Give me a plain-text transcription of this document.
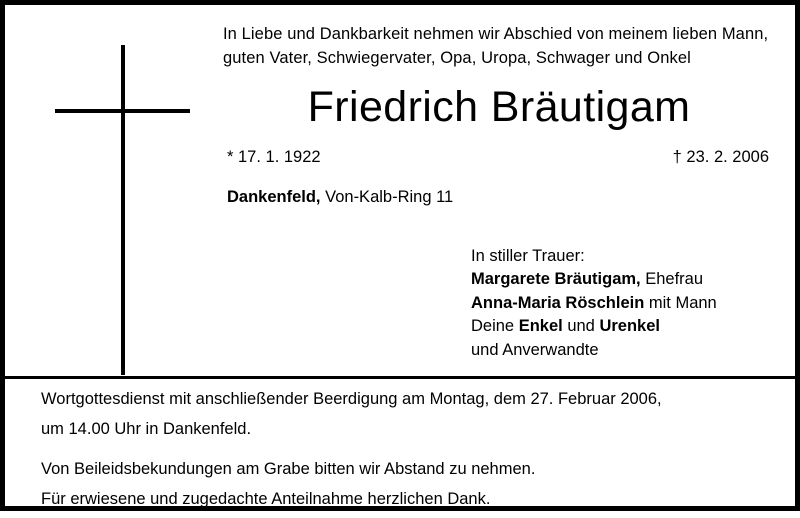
In Liebe und Dankbarkeit nehmen wir Abschied von meinem lieben Mann, guten Vater, Schwiegervater, Opa, Uropa, Schwager und Onkel
Friedrich Bräutigam
* 17. 1. 1922	† 23. 2. 2006
Dankenfeld, Von-Kalb-Ring 11
In stiller Trauer:
Margarete Bräutigam, Ehefrau
Anna-Maria Röschlein mit Mann
Deine Enkel und Urenkel
und Anverwandte

Wortgottesdienst mit anschließender Beerdigung am Montag, dem 27. Februar 2006,

um 14.00 Uhr in Dankenfeld.

Von Beileidsbekundungen am Grabe bitten wir Abstand zu nehmen.

Für erwiesene und zugedachte Anteilnahme herzlichen Dank.
